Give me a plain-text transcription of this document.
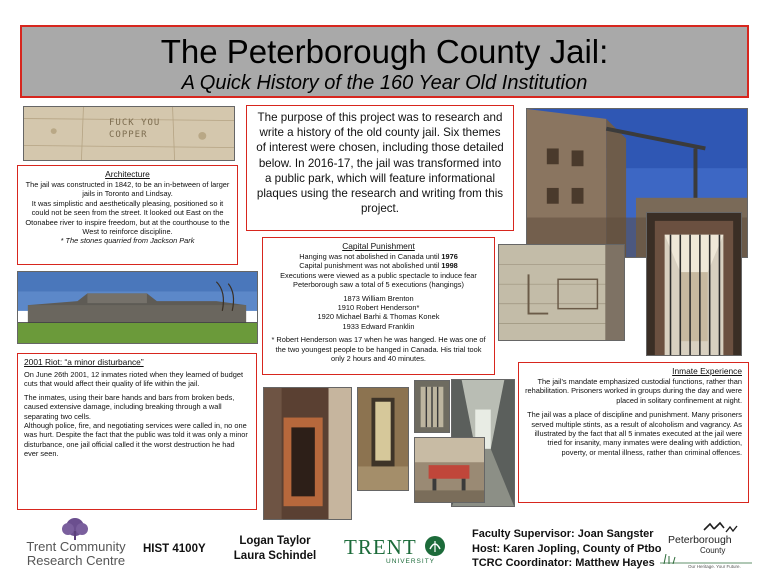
The Peterborough County Jail:
A Quick History of the 160 Year Old Institution
FUCK YOU
COPPER
Architecture
The jail was constructed in 1842, to be an in-between of larger jails in Toronto and Lindsay.
It was simplistic and aesthetically pleasing, positioned so it could not be seen from the street. It looked out East on the Otonabee river to inspire freedom, but at the courthouse to the West to reinforce discipline.
* The stones quarried from Jackson Park
The purpose of this project was to research and write a history of the old county jail. Six themes of interest were chosen, including those detailed below. In 2016-17, the jail was transformed into a public park, which will feature informational plaques using the research and writing from this project.
Capital Punishment
Hanging was not abolished in Canada until 1976
Capital punishment was not abolished until 1998
Executions were viewed as a public spectacle to induce fear
Peterborough saw a total of 5 executions (hangings)
1873 William Brenton
1910 Robert Henderson*
1920 Michael Barhi & Thomas Konek
1933 Edward Franklin
* Robert Henderson was 17 when he was hanged. He was one of the two youngest people to be hanged in Canada. His trial took only 2 hours and 40 minutes.
2001 Riot: “a minor disturbance”
On June 26th 2001, 12 inmates rioted when they learned of budget cuts that would affect their quality of life within the jail.
The inmates, using their bare hands and bars from broken beds, caused extensive damage, including breaking through a wall separating two cells.
Although police, fire, and negotiating services were called in, no one was hurt. Despite the fact that the public was told it was only a minor disturbance, one jail official called it the worst destruction he had ever seen.
Inmate Experience
The jail’s mandate emphasized custodial functions, rather than rehabilitation. Prisoners worked in groups during the day and were placed in solitary confinement at night.
The jail was a place of discipline and punishment. Many prisoners served multiple stints, as a result of alcoholism and vagrancy. As illustrated by the fact that all 5 inmates executed at the jail were tried for insanity, many inmates were dealing with addiction, poverty, or mental illness, rather than criminal offences.
Trent Community
Research Centre
HIST 4100Y
Logan Taylor
Laura Schindel TRENT
UNIVERSITY
Faculty Supervisor: Joan Sangster
Host: Karen Jopling, County of Ptbo
TCRC Coordinator: Matthew Hayes
Peterborough
County
Our Heritage. Your Future.
